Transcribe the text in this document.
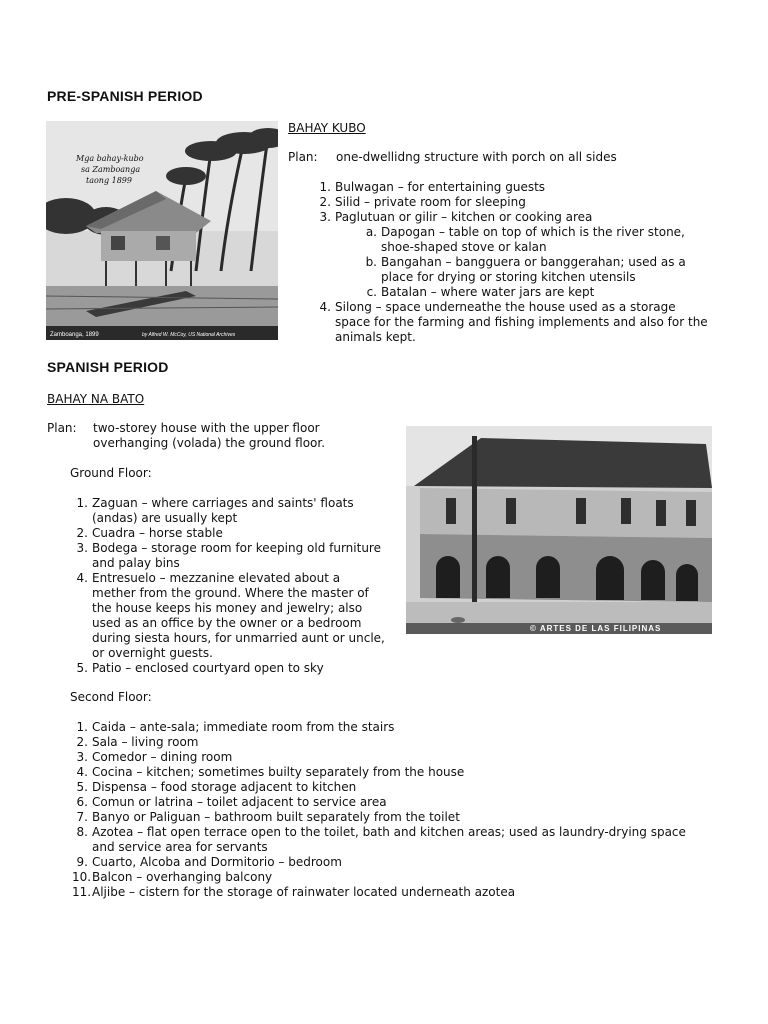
PRE-SPANISH PERIOD
Mga bahay-kubo
sa Zamboanga
taong 1899
Zamboanga, 1899	by Alfred W. McCoy, US National Archives
BAHAY KUBO
Plan: one-dwellidng structure with porch on all sides
1. Bulwagan – for entertaining guests
2. Silid – private room for sleeping
3. Paglutuan or gilir – kitchen or cooking area
a. Dapogan – table on top of which is the river stone,
shoe-shaped stove or kalan
b. Bangahan – bangguera or banggerahan; used as a
place for drying or storing kitchen utensils
c. Batalan – where water jars are kept
4. Silong – space underneathe the house used as a storage
space for the farming and fishing implements and also for the
animals kept.
SPANISH PERIOD
BAHAY NA BATO
Plan: two-storey house with the upper floor
overhanging (volada) the ground floor.
© ARTES DE LAS FILIPINAS
Ground Floor:
1. Zaguan – where carriages and saints' floats
(andas) are usually kept
2. Cuadra – horse stable
3. Bodega – storage room for keeping old furniture
and palay bins
4. Entresuelo – mezzanine elevated about a
mether from the ground. Where the master of
the house keeps his money and jewelry; also
used as an office by the owner or a bedroom
during siesta hours, for unmarried aunt or uncle,
or overnight guests.
5. Patio – enclosed courtyard open to sky
Second Floor:
1. Caida – ante-sala; immediate room from the stairs
2. Sala – living room
3. Comedor – dining room
4. Cocina – kitchen; sometimes builty separately from the house
5. Dispensa – food storage adjacent to kitchen
6. Comun or latrina – toilet adjacent to service area
7. Banyo or Paliguan – bathroom built separately from the toilet
8. Azotea – flat open terrace open to the toilet, bath and kitchen areas; used as laundry-drying space
and service area for servants
9. Cuarto, Alcoba and Dormitorio – bedroom
10. Balcon – overhanging balcony
11. Aljibe – cistern for the storage of rainwater located underneath azotea
